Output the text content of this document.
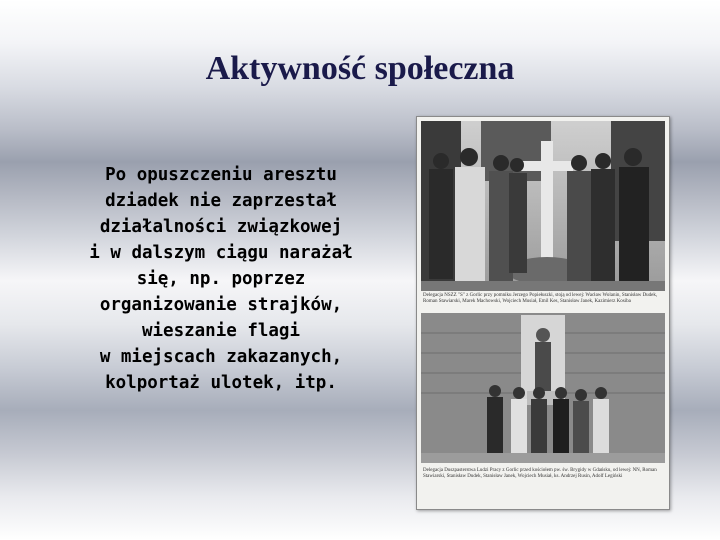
Aktywność społeczna
Po opuszczeniu aresztu
dziadek nie zaprzestał
działalności związkowej
i w dalszym ciągu narażał
się, np. poprzez
organizowanie strajków,
wieszanie flagi
w miejscach zakazanych,
kolportaż ulotek, itp.

Delegacja NSZZ "S" z Gorlic przy pomniku Jerzego Popiełuszki, stoją od lewej: Wacław Wolanin, Stanisław Dudek, Roman Stawiarski, Marek Machowski, Wojciech Musiał, Emil Kes, Stanisław Janek, Kazimierz Kosiba

Delegacja Duszpasterstwa Ludzi Pracy z Gorlic przed kościołem pw. św. Brygidy w Gdańsku, od lewej: NN, Roman Stawiarski, Stanisław Dudek, Stanisław Janek, Wojciech Musiał, ks. Andrzej Rusin, Adolf Legiński
